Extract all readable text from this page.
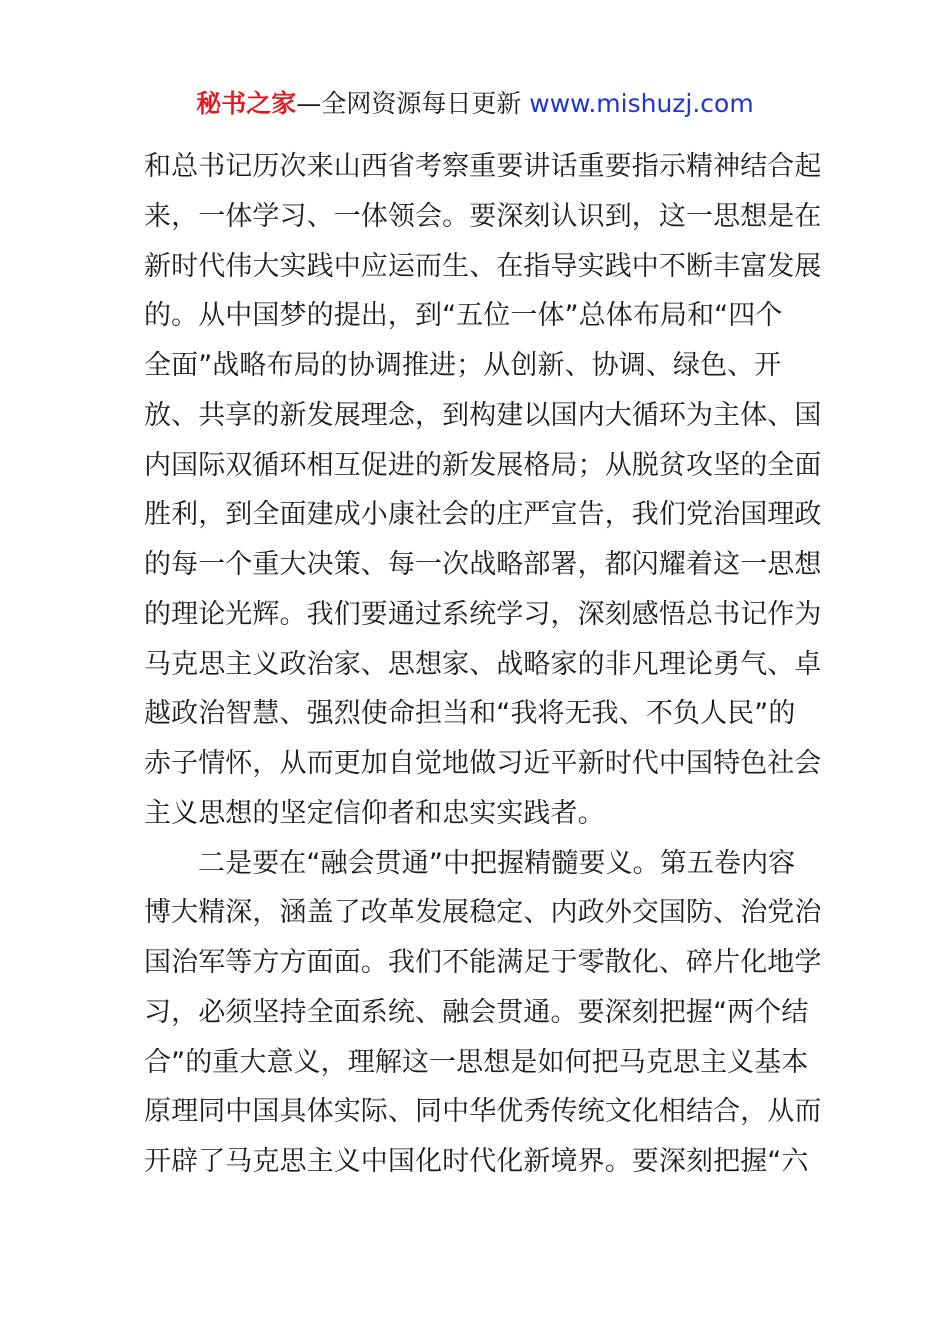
秘书之家—全网资源每日更新 www.mishuzj.com
和总书记历次来山西省考察重要讲话重要指示精神结合起
来，一体学习、一体领会。要深刻认识到，这一思想是在
新时代伟大实践中应运而生、在指导实践中不断丰富发展
的。从中国梦的提出，到“五位一体”总体布局和“四个
全面”战略布局的协调推进；从创新、协调、绿色、开
放、共享的新发展理念，到构建以国内大循环为主体、国
内国际双循环相互促进的新发展格局；从脱贫攻坚的全面
胜利，到全面建成小康社会的庄严宣告，我们党治国理政
的每一个重大决策、每一次战略部署，都闪耀着这一思想
的理论光辉。我们要通过系统学习，深刻感悟总书记作为
马克思主义政治家、思想家、战略家的非凡理论勇气、卓
越政治智慧、强烈使命担当和“我将无我、不负人民”的
赤子情怀，从而更加自觉地做习近平新时代中国特色社会
主义思想的坚定信仰者和忠实实践者。
二是要在“融会贯通”中把握精髓要义。第五卷内容
博大精深，涵盖了改革发展稳定、内政外交国防、治党治
国治军等方方面面。我们不能满足于零散化、碎片化地学
习，必须坚持全面系统、融会贯通。要深刻把握“两个结
合”的重大意义，理解这一思想是如何把马克思主义基本
原理同中国具体实际、同中华优秀传统文化相结合，从而
开辟了马克思主义中国化时代化新境界。要深刻把握“六
